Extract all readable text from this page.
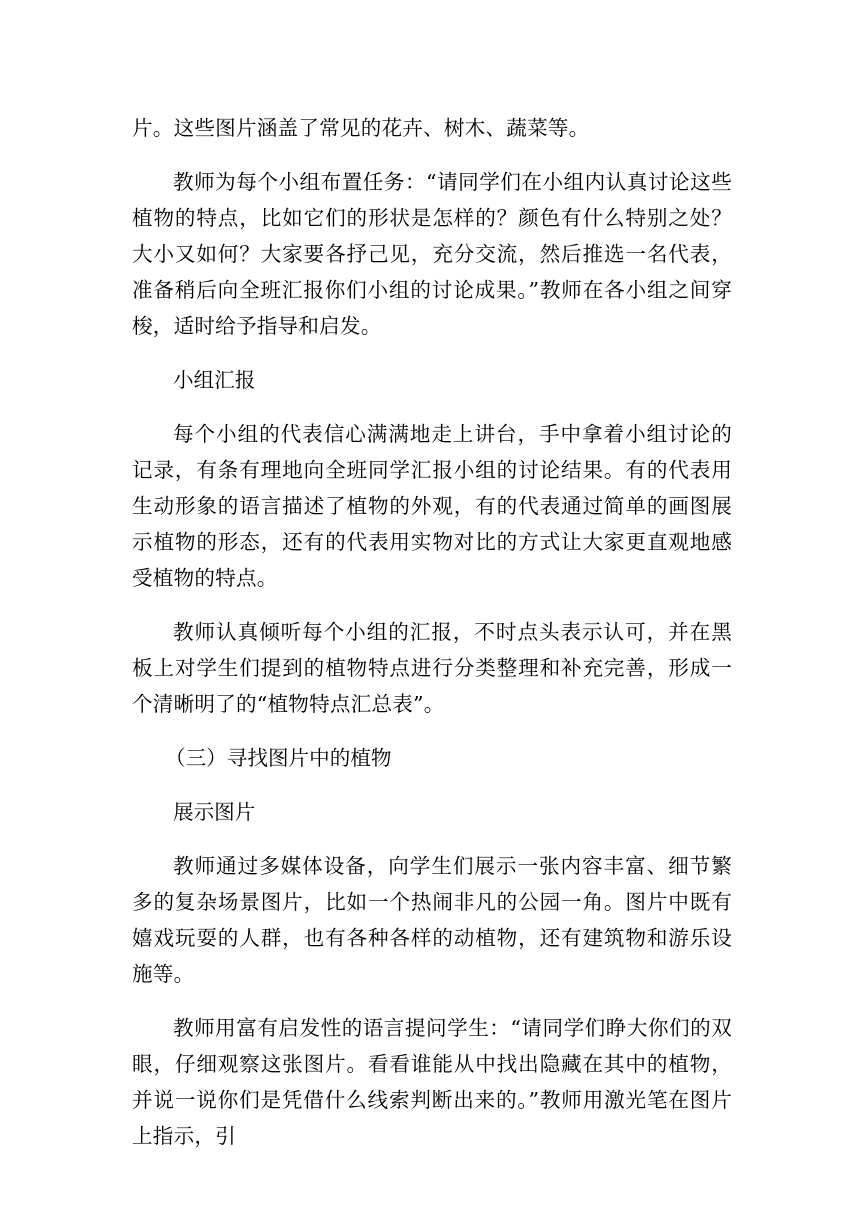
片。这些图片涵盖了常见的花卉、树木、蔬菜等。

教师为每个小组布置任务：“请同学们在小组内认真讨论这些植物的特点，比如它们的形状是怎样的？颜色有什么特别之处？大小又如何？大家要各抒己见，充分交流，然后推选一名代表，准备稍后向全班汇报你们小组的讨论成果。”教师在各小组之间穿梭，适时给予指导和启发。

小组汇报

每个小组的代表信心满满地走上讲台，手中拿着小组讨论的记录，有条有理地向全班同学汇报小组的讨论结果。有的代表用生动形象的语言描述了植物的外观，有的代表通过简单的画图展示植物的形态，还有的代表用实物对比的方式让大家更直观地感受植物的特点。

教师认真倾听每个小组的汇报，不时点头表示认可，并在黑板上对学生们提到的植物特点进行分类整理和补充完善，形成一个清晰明了的“植物特点汇总表”。

（三）寻找图片中的植物

展示图片

教师通过多媒体设备，向学生们展示一张内容丰富、细节繁多的复杂场景图片，比如一个热闹非凡的公园一角。图片中既有嬉戏玩耍的人群，也有各种各样的动植物，还有建筑物和游乐设施等。

教师用富有启发性的语言提问学生：“请同学们睁大你们的双眼，仔细观察这张图片。看看谁能从中找出隐藏在其中的植物，并说一说你们是凭借什么线索判断出来的。”教师用激光笔在图片上指示，引
